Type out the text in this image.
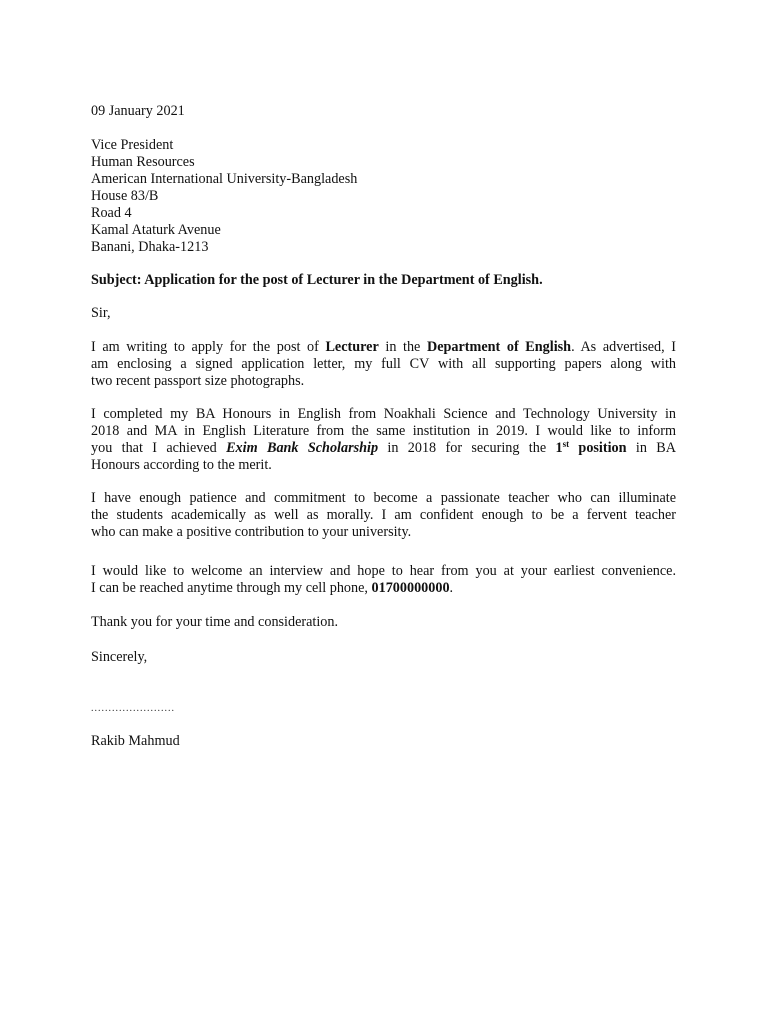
09 January 2021
Vice President
Human Resources
American International University-Bangladesh
House 83/B
Road 4
Kamal Ataturk Avenue
Banani, Dhaka-1213
Subject: Application for the post of Lecturer in the Department of English.
Sir,
I am writing to apply for the post of Lecturer in the Department of English. As advertised, I
am enclosing a signed application letter, my full CV with all supporting papers along with
two recent passport size photographs.
I completed my BA Honours in English from Noakhali Science and Technology University in
2018 and MA in English Literature from the same institution in 2019. I would like to inform
you that I achieved Exim Bank Scholarship in 2018 for securing the 1st position in BA
Honours according to the merit.
I have enough patience and commitment to become a passionate teacher who can illuminate
the students academically as well as morally. I am confident enough to be a fervent teacher
who can make a positive contribution to your university.
I would like to welcome an interview and hope to hear from you at your earliest convenience.
I can be reached anytime through my cell phone, 01700000000.
Thank you for your time and consideration.
Sincerely,
........................
Rakib Mahmud
